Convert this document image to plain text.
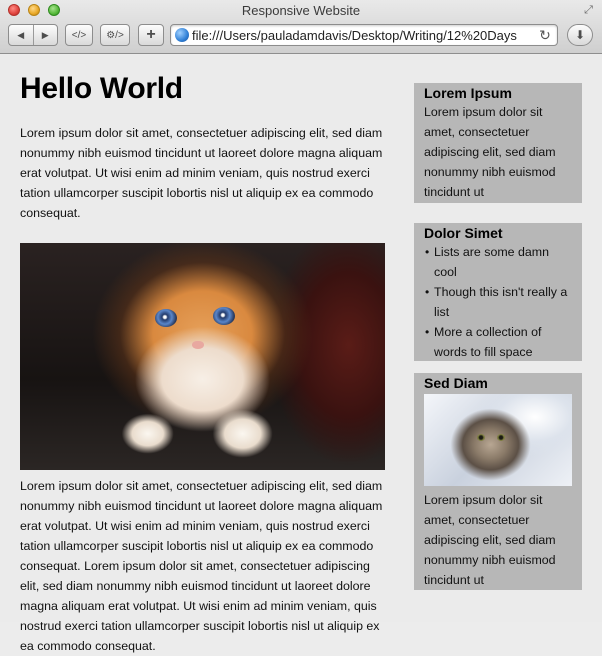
Responsive Website	⤢
◀	▶	</>	⚙/>	+	file:///Users/pauladamdavis/Desktop/Writing/12%20Days	↻	⬇
Hello World

Lorem ipsum dolor sit amet, consectetuer adipiscing elit, sed diam nonummy nibh euismod tincidunt ut laoreet dolore magna aliquam erat volutpat. Ut wisi enim ad minim veniam, quis nostrud exerci tation ullamcorper suscipit lobortis nisl ut aliquip ex ea commodo consequat.

Lorem ipsum dolor sit amet, consectetuer adipiscing elit, sed diam nonummy nibh euismod tincidunt ut laoreet dolore magna aliquam erat volutpat. Ut wisi enim ad minim veniam, quis nostrud exerci tation ullamcorper suscipit lobortis nisl ut aliquip ex ea commodo consequat. Lorem ipsum dolor sit amet, consectetuer adipiscing elit, sed diam nonummy nibh euismod tincidunt ut laoreet dolore magna aliquam erat volutpat. Ut wisi enim ad minim veniam, quis nostrud exerci tation ullamcorper suscipit lobortis nisl ut aliquip ex ea commodo consequat.

Lorem Ipsum

Lorem ipsum dolor sit amet, consectetuer adipiscing elit, sed diam nonummy nibh euismod tincidunt ut

Dolor Simet
• Lists are some damn cool
• Though this isn't really a list
• More a collection of words to fill space
Sed Diam

Lorem ipsum dolor sit amet, consectetuer adipiscing elit, sed diam nonummy nibh euismod tincidunt ut
